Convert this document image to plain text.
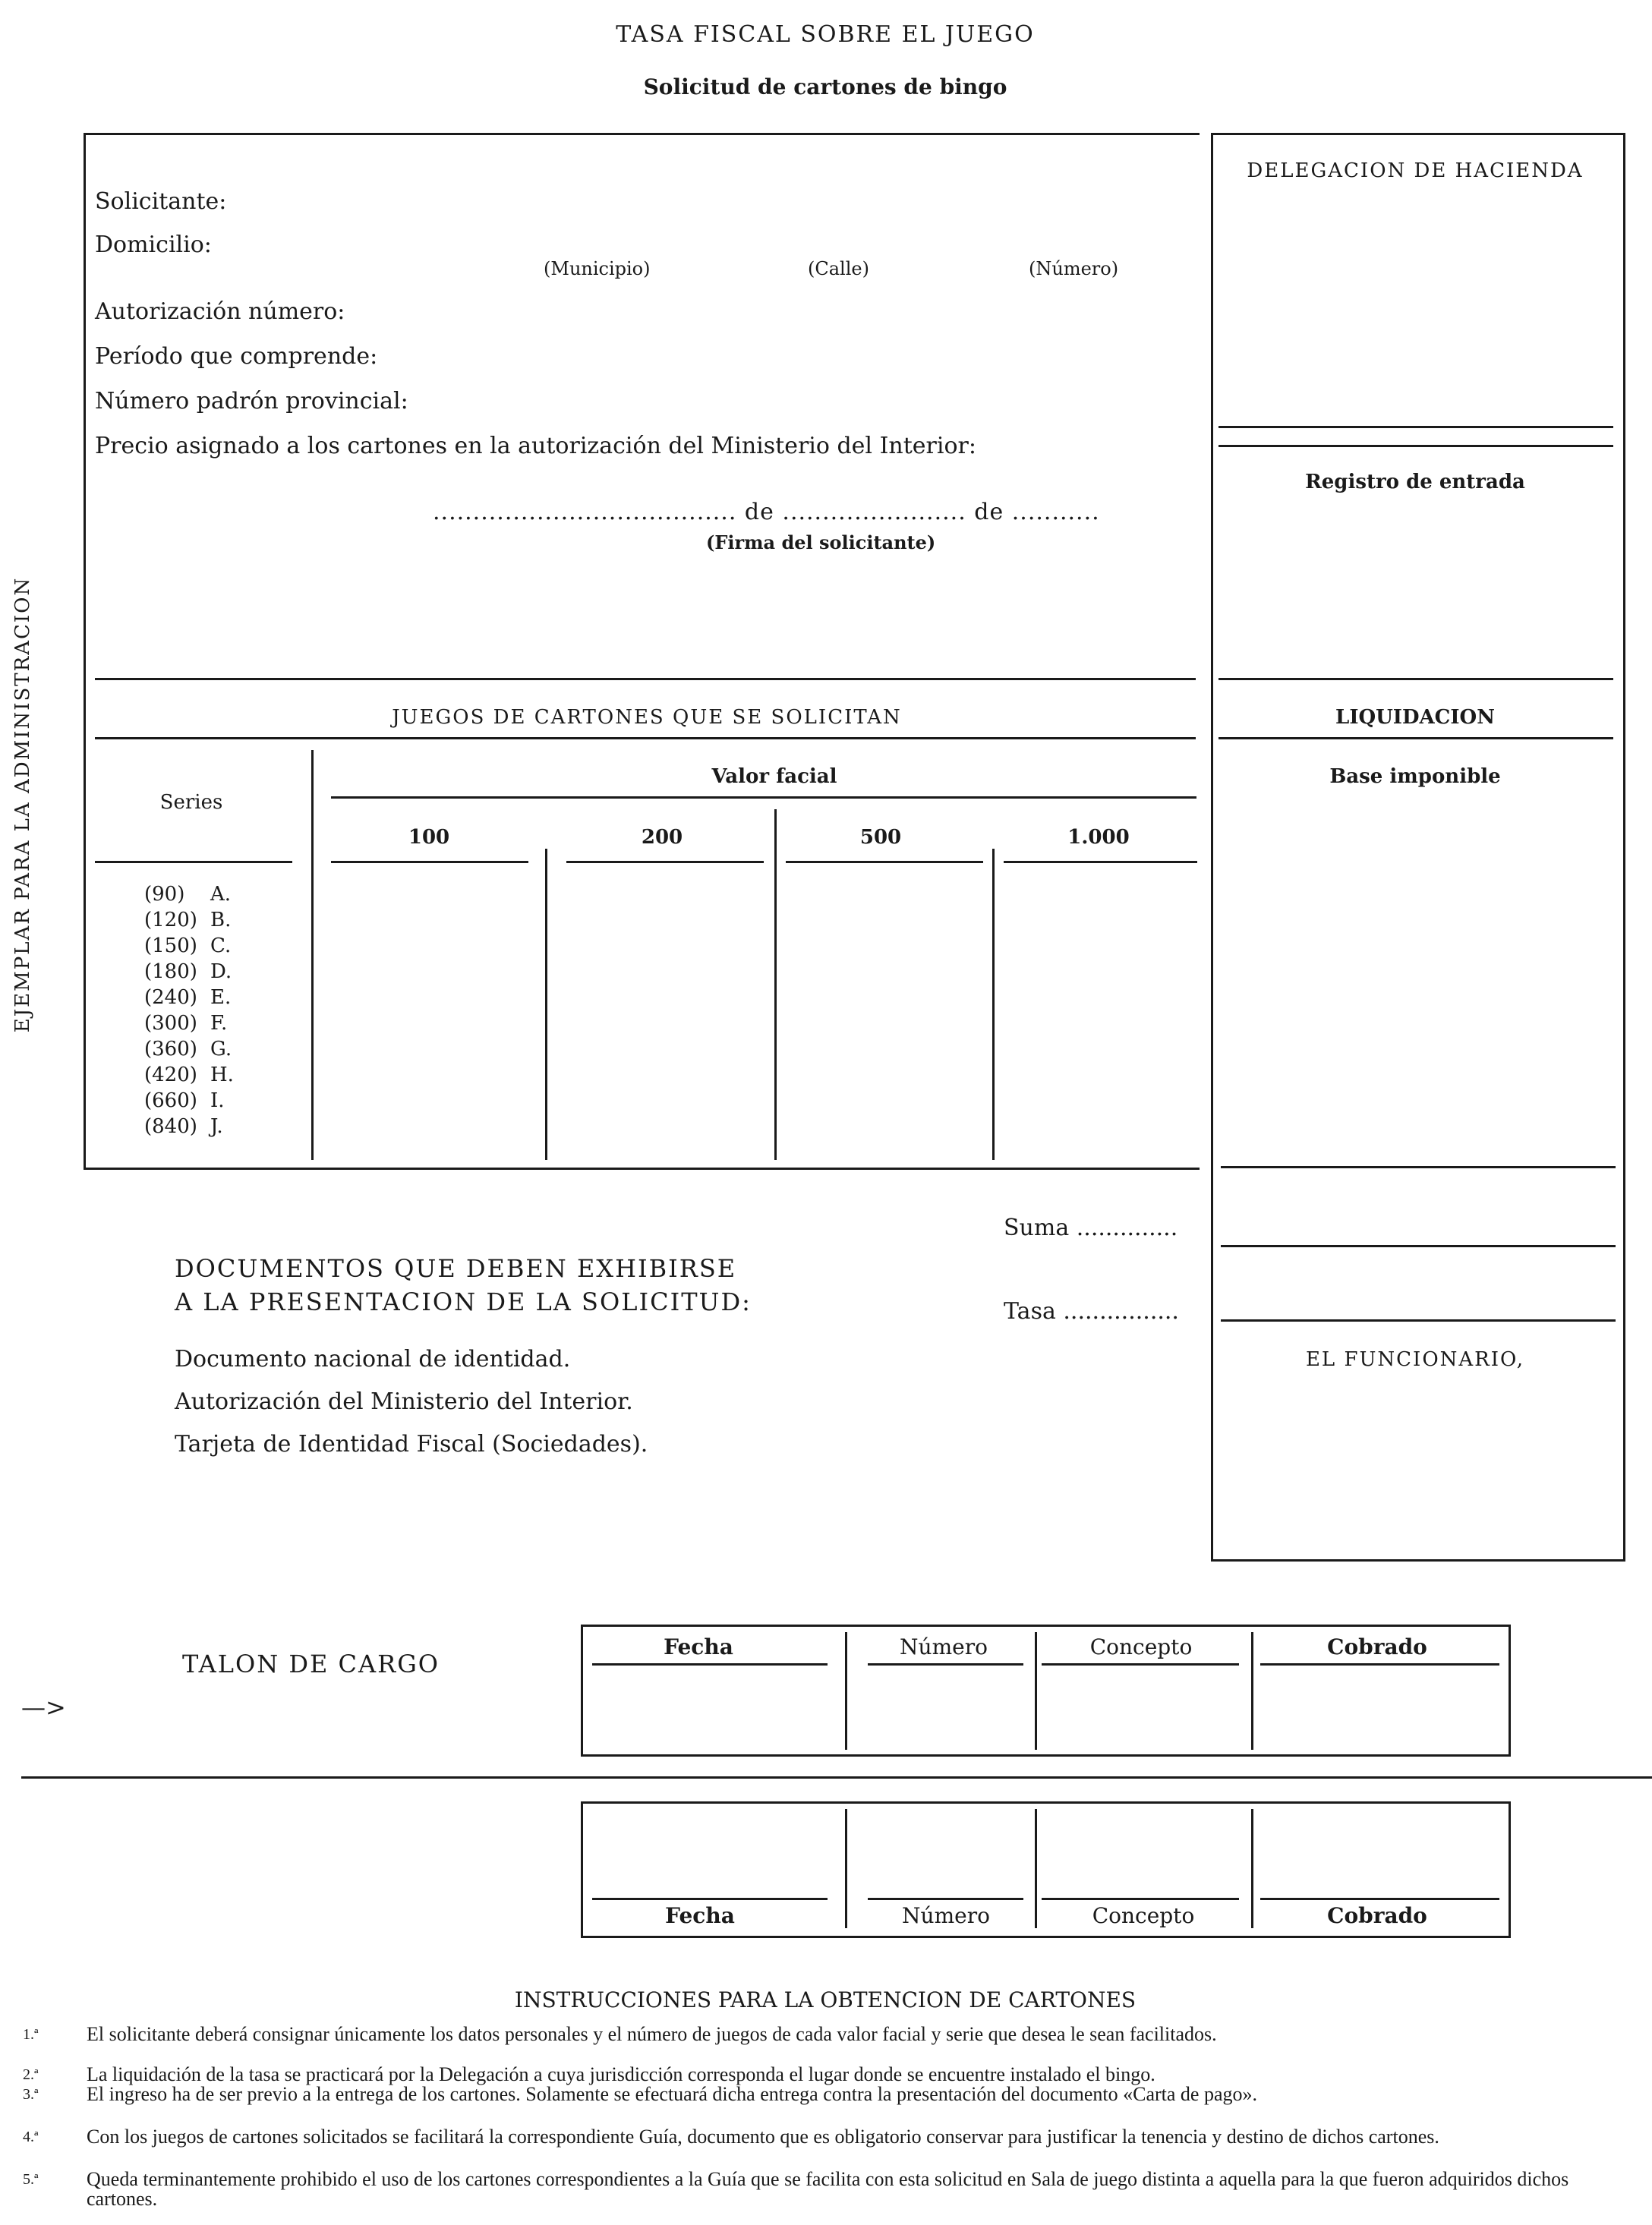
TASA FISCAL SOBRE EL JUEGO
Solicitud de cartones de bingo
EJEMPLAR PARA LA ADMINISTRACION
Solicitante:
Domicilio:
(Municipio)	(Calle)	(Número)
Autorización número:
Período que comprende:
Número padrón provincial:
Precio asignado a los cartones en la autorización del Ministerio del Interior:
...................................... de ....................... de ...........
(Firma del solicitante)
DELEGACION DE HACIENDA
Registro de entrada
JUEGOS DE CARTONES QUE SE SOLICITAN	LIQUIDACION
Base imponible
Series
Valor facial
100	200	500	1.000
(90) A.
(120) B.
(150) C.
(180) D.
(240) E.
(300) F.
(360) G.
(420) H.
(660) I.
(840) J.
EL FUNCIONARIO,
Suma ..............
Tasa ................
DOCUMENTOS QUE DEBEN EXHIBIRSE
A LA PRESENTACION DE LA SOLICITUD:
Documento nacional de identidad.
Autorización del Ministerio del Interior.
Tarjeta de Identidad Fiscal (Sociedades).
TALON DE CARGO
—>
Fecha	Número	Concepto	Cobrado
Fecha	Número	Concepto	Cobrado
INSTRUCCIONES PARA LA OBTENCION DE CARTONES
1.ª El solicitante deberá consignar únicamente los datos personales y el número de juegos de cada valor facial y serie que desea le sean facilitados.
2.ª La liquidación de la tasa se practicará por la Delegación a cuya jurisdicción corresponda el lugar donde se encuentre instalado el bingo.
3.ª El ingreso ha de ser previo a la entrega de los cartones. Solamente se efectuará dicha entrega contra la presentación del documento «Carta de pago».
4.ª Con los juegos de cartones solicitados se facilitará la correspondiente Guía, documento que es obligatorio conservar para justificar la tenencia y destino de dichos cartones.
5.ª Queda terminantemente prohibido el uso de los cartones correspondientes a la Guía que se facilita con esta solicitud en Sala de juego distinta a aquella para la que fueron adquiridos dichos cartones.
